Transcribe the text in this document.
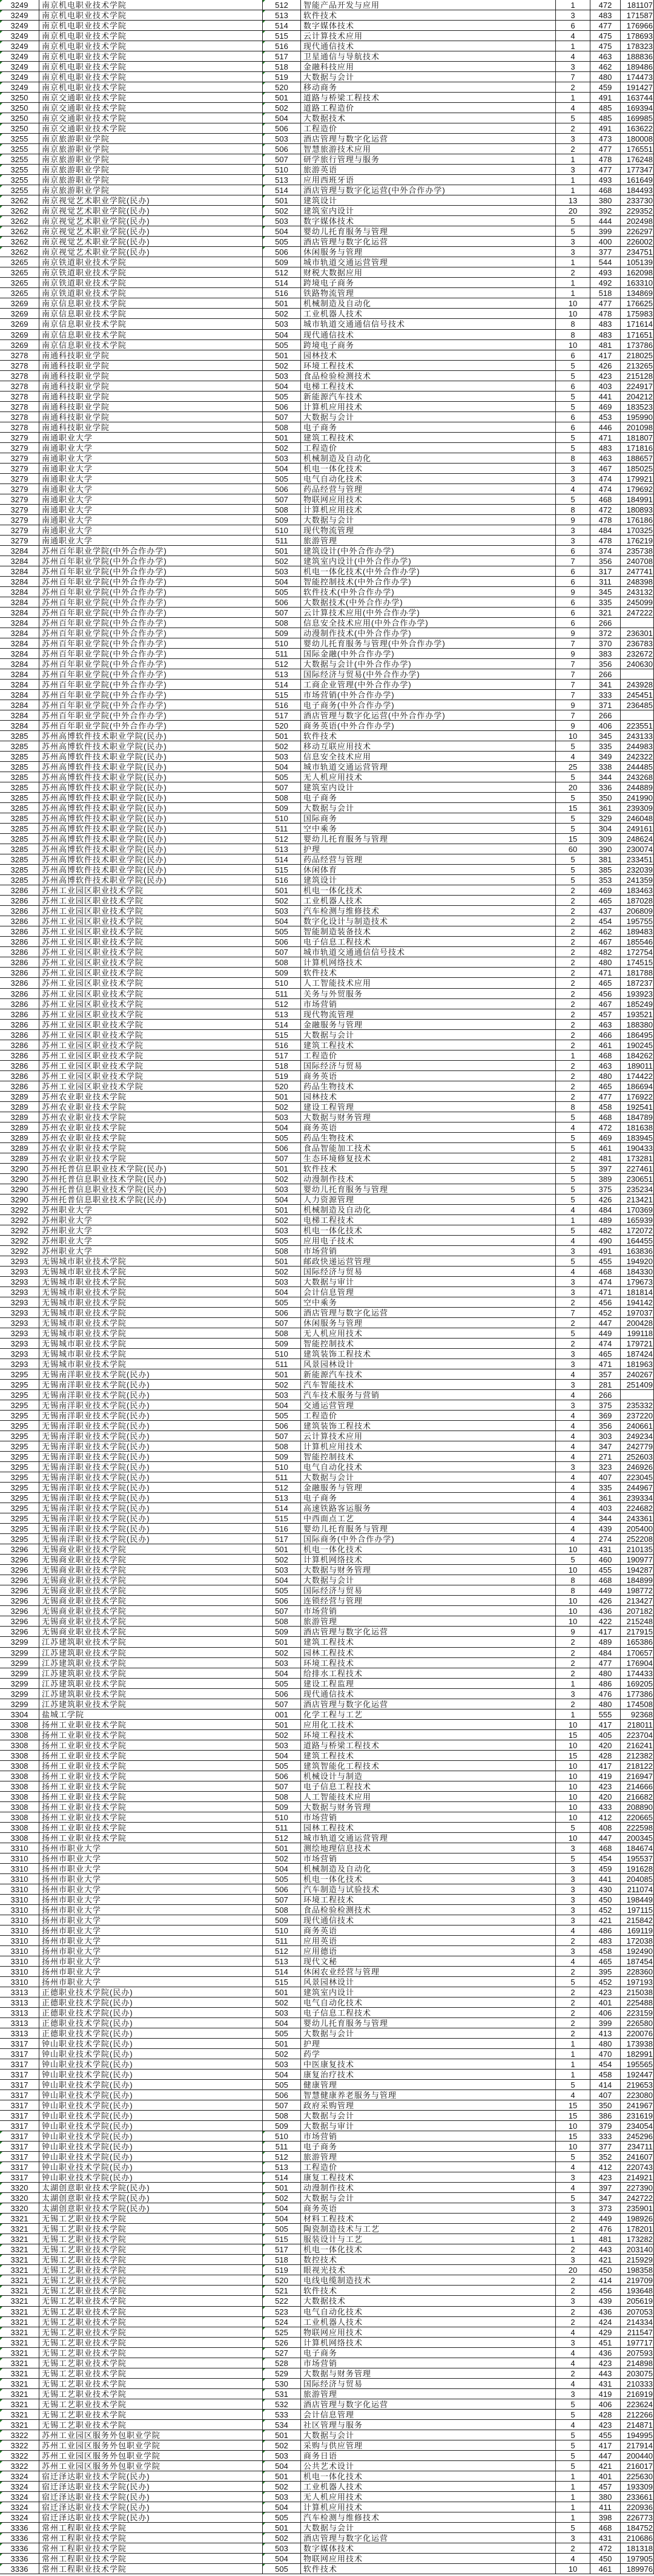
3249	南京机电职业技术学院	512	智能产品开发与应用	1	472	181107
3249	南京机电职业技术学院	513	软件技术	3	483	171587
3249	南京机电职业技术学院	514	数字媒体技术	6	477	176966
3249	南京机电职业技术学院	515	云计算技术应用	4	475	178693
3249	南京机电职业技术学院	516	现代通信技术	1	475	178323
3249	南京机电职业技术学院	517	卫星通信与导航技术	4	463	188836
3249	南京机电职业技术学院	518	金融科技应用	3	462	189486
3249	南京机电职业技术学院	519	大数据与会计	7	480	174473
3249	南京机电职业技术学院	520	移动商务	2	459	191427
3250	南京交通职业技术学院	501	道路与桥梁工程技术	1	491	163744
3250	南京交通职业技术学院	502	道路工程造价	4	485	169394
3250	南京交通职业技术学院	504	大数据技术	5	485	169985
3250	南京交通职业技术学院	506	工程造价	2	491	163622
3255	南京旅游职业学院	503	酒店管理与数字化运营	3	473	180008
3255	南京旅游职业学院	506	智慧旅游技术应用	2	477	176551
3255	南京旅游职业学院	507	研学旅行管理与服务	1	478	176248
3255	南京旅游职业学院	510	旅游英语	3	477	177347
3255	南京旅游职业学院	513	应用西班牙语	1	493	161649
3255	南京旅游职业学院	514	酒店管理与数字化运营(中外合作办学)	1	468	184493
3262	南京视觉艺术职业学院(民办)	501	建筑设计	13	380	233730
3262	南京视觉艺术职业学院(民办)	502	建筑室内设计	20	392	229352
3262	南京视觉艺术职业学院(民办)	503	数字媒体技术	5	444	202498
3262	南京视觉艺术职业学院(民办)	504	婴幼儿托育服务与管理	5	399	226297
3262	南京视觉艺术职业学院(民办)	505	酒店管理与数字化运营	3	400	226002
3262	南京视觉艺术职业学院(民办)	506	休闲服务与管理	3	377	234751
3265	南京铁道职业技术学院	509	城市轨道交通运营管理	1	544	105139
3265	南京铁道职业技术学院	512	财税大数据应用	2	493	162098
3265	南京铁道职业技术学院	514	跨境电子商务	1	492	163310
3265	南京铁道职业技术学院	516	铁路物流管理	1	518	134869
3269	南京信息职业技术学院	501	机械制造及自动化	10	477	176625
3269	南京信息职业技术学院	502	工业机器人技术	10	478	175983
3269	南京信息职业技术学院	503	城市轨道交通通信信号技术	8	483	171614
3269	南京信息职业技术学院	504	现代通信技术	8	483	171651
3269	南京信息职业技术学院	505	跨境电子商务	10	481	173786
3278	南通科技职业学院	501	园林技术	6	417	218025
3278	南通科技职业学院	502	环境工程技术	5	426	213265
3278	南通科技职业学院	503	食品检验检测技术	5	423	215128
3278	南通科技职业学院	504	电梯工程技术	6	403	224917
3278	南通科技职业学院	505	新能源汽车技术	5	441	204212
3278	南通科技职业学院	506	计算机应用技术	5	469	183523
3278	南通科技职业学院	507	大数据与会计	6	453	195990
3278	南通科技职业学院	508	电子商务	6	446	201098
3279	南通职业大学	501	建筑工程技术	5	471	181807
3279	南通职业大学	502	工程造价	5	483	171816
3279	南通职业大学	503	机械制造及自动化	8	463	188657
3279	南通职业大学	504	机电一体化技术	3	467	185025
3279	南通职业大学	505	电气自动化技术	3	474	179921
3279	南通职业大学	506	药品经营与管理	4	474	179692
3279	南通职业大学	507	物联网应用技术	5	468	184991
3279	南通职业大学	508	计算机应用技术	8	472	180893
3279	南通职业大学	509	大数据与会计	9	478	176186
3279	南通职业大学	510	现代物流管理	3	484	170325
3279	南通职业大学	511	旅游管理	3	478	176219
3284	苏州百年职业学院(中外合作办学)	501	建筑设计(中外合作办学)	6	374	235738
3284	苏州百年职业学院(中外合作办学)	502	建筑室内设计(中外合作办学)	7	356	240708
3284	苏州百年职业学院(中外合作办学)	503	机电一体化技术(中外合作办学)	6	317	247741
3284	苏州百年职业学院(中外合作办学)	504	智能控制技术(中外合作办学)	6	311	248398
3284	苏州百年职业学院(中外合作办学)	505	软件技术(中外合作办学)	9	345	243132
3284	苏州百年职业学院(中外合作办学)	506	大数据技术(中外合作办学)	6	335	245099
3284	苏州百年职业学院(中外合作办学)	507	云计算技术应用(中外合作办学)	6	321	247222
3284	苏州百年职业学院(中外合作办学)	508	信息安全技术应用(中外合作办学)	6	266
3284	苏州百年职业学院(中外合作办学)	509	动漫制作技术(中外合作办学)	9	372	236301
3284	苏州百年职业学院(中外合作办学)	510	婴幼儿托育服务与管理(中外合作办学)	7	370	236783
3284	苏州百年职业学院(中外合作办学)	511	国际金融(中外合作办学)	9	383	232672
3284	苏州百年职业学院(中外合作办学)	512	大数据与会计(中外合作办学)	7	356	240630
3284	苏州百年职业学院(中外合作办学)	513	国际经济与贸易(中外合作办学)	7	266
3284	苏州百年职业学院(中外合作办学)	514	工商企业管理(中外合作办学)	7	341	243928
3284	苏州百年职业学院(中外合作办学)	515	市场营销(中外合作办学)	7	333	245451
3284	苏州百年职业学院(中外合作办学)	516	电子商务(中外合作办学)	9	371	236485
3284	苏州百年职业学院(中外合作办学)	517	酒店管理与数字化运营(中外合作办学)	7	266
3284	苏州百年职业学院(中外合作办学)	520	商务英语(中外合作办学)	9	406	223551
3285	苏州高博软件技术职业学院(民办)	501	软件技术	10	345	243133
3285	苏州高博软件技术职业学院(民办)	502	移动互联应用技术	5	335	244983
3285	苏州高博软件技术职业学院(民办)	503	信息安全技术应用	4	349	242322
3285	苏州高博软件技术职业学院(民办)	504	城市轨道交通运营管理	25	338	244485
3285	苏州高博软件技术职业学院(民办)	505	无人机应用技术	5	344	243268
3285	苏州高博软件技术职业学院(民办)	507	建筑室内设计	20	336	244889
3285	苏州高博软件技术职业学院(民办)	508	电子商务	5	350	241990
3285	苏州高博软件技术职业学院(民办)	509	大数据与会计	15	361	239309
3285	苏州高博软件技术职业学院(民办)	510	国际商务	5	329	246048
3285	苏州高博软件技术职业学院(民办)	511	空中乘务	5	304	249161
3285	苏州高博软件技术职业学院(民办)	512	婴幼儿托育服务与管理	15	309	248624
3285	苏州高博软件技术职业学院(民办)	513	护理	60	390	230074
3285	苏州高博软件技术职业学院(民办)	514	药品经营与管理	5	381	233451
3285	苏州高博软件技术职业学院(民办)	515	休闲体育	5	385	232039
3285	苏州高博软件技术职业学院(民办)	516	建筑设计	5	353	241359
3286	苏州工业园区职业技术学院	501	机电一体化技术	2	469	183463
3286	苏州工业园区职业技术学院	502	工业机器人技术	2	465	187028
3286	苏州工业园区职业技术学院	503	汽车检测与维修技术	2	437	206809
3286	苏州工业园区职业技术学院	504	数字化设计与制造技术	2	454	195755
3286	苏州工业园区职业技术学院	505	智能制造装备技术	2	462	189483
3286	苏州工业园区职业技术学院	506	电子信息工程技术	2	467	185546
3286	苏州工业园区职业技术学院	507	城市轨道交通通信信号技术	2	482	172754
3286	苏州工业园区职业技术学院	508	计算机网络技术	2	480	174515
3286	苏州工业园区职业技术学院	509	软件技术	2	471	181788
3286	苏州工业园区职业技术学院	510	人工智能技术应用	2	465	187237
3286	苏州工业园区职业技术学院	511	关务与外贸服务	2	456	193923
3286	苏州工业园区职业技术学院	512	市场营销	2	467	185249
3286	苏州工业园区职业技术学院	513	现代物流管理	2	457	193521
3286	苏州工业园区职业技术学院	514	金融服务与管理	2	463	188380
3286	苏州工业园区职业技术学院	515	大数据与会计	2	466	186495
3286	苏州工业园区职业技术学院	516	建筑工程技术	2	461	190245
3286	苏州工业园区职业技术学院	517	工程造价	1	468	184262
3286	苏州工业园区职业技术学院	518	国际经济与贸易	2	463	189011
3286	苏州工业园区职业技术学院	519	商务英语	2	480	174422
3286	苏州工业园区职业技术学院	520	药品生物技术	2	465	186694
3289	苏州农业职业技术学院	501	园林技术	2	477	176922
3289	苏州农业职业技术学院	502	建设工程管理	8	458	192541
3289	苏州农业职业技术学院	503	大数据与财务管理	5	468	184789
3289	苏州农业职业技术学院	504	商务英语	4	472	181638
3289	苏州农业职业技术学院	505	药品生物技术	5	469	183945
3289	苏州农业职业技术学院	506	食品智能加工技术	5	461	190433
3289	苏州农业职业技术学院	507	生态环境修复技术	2	481	173281
3290	苏州托普信息职业技术学院(民办)	501	软件技术	5	397	227461
3290	苏州托普信息职业技术学院(民办)	502	动漫制作技术	5	389	230651
3290	苏州托普信息职业技术学院(民办)	503	婴幼儿托育服务与管理	5	375	235234
3290	苏州托普信息职业技术学院(民办)	504	人力资源管理	5	426	213421
3292	苏州职业大学	501	机械制造及自动化	4	484	170369
3292	苏州职业大学	502	电梯工程技术	1	489	165939
3292	苏州职业大学	503	机电一体化技术	5	482	172072
3292	苏州职业大学	505	应用电子技术	4	490	164455
3292	苏州职业大学	508	市场营销	3	491	163836
3293	无锡城市职业技术学院	501	邮政快递运营管理	5	455	194920
3293	无锡城市职业技术学院	502	国际经济与贸易	4	468	184330
3293	无锡城市职业技术学院	503	大数据与审计	3	474	179673
3293	无锡城市职业技术学院	504	会计信息管理	3	471	181814
3293	无锡城市职业技术学院	505	空中乘务	2	456	194142
3293	无锡城市职业技术学院	506	酒店管理与数字化运营	7	452	197037
3293	无锡城市职业技术学院	507	休闲服务与管理	2	447	200428
3293	无锡城市职业技术学院	508	无人机应用技术	5	449	199118
3293	无锡城市职业技术学院	509	智能控制技术	2	474	179721
3293	无锡城市职业技术学院	510	建筑装饰工程技术	3	465	187424
3293	无锡城市职业技术学院	511	风景园林设计	3	471	181963
3295	无锡南洋职业技术学院(民办)	501	新能源汽车技术	4	357	240267
3295	无锡南洋职业技术学院(民办)	502	汽车智能技术	3	281	251409
3295	无锡南洋职业技术学院(民办)	503	汽车技术服务与营销	4	266
3295	无锡南洋职业技术学院(民办)	504	交通运营管理	3	375	235332
3295	无锡南洋职业技术学院(民办)	505	工程造价	4	369	237220
3295	无锡南洋职业技术学院(民办)	506	建筑装饰工程技术	4	356	240661
3295	无锡南洋职业技术学院(民办)	507	云计算技术应用	4	303	249234
3295	无锡南洋职业技术学院(民办)	508	计算机应用技术	4	347	242779
3295	无锡南洋职业技术学院(民办)	509	智能控制技术	4	271	252603
3295	无锡南洋职业技术学院(民办)	510	电气自动化技术	3	323	246926
3295	无锡南洋职业技术学院(民办)	511	大数据与会计	4	407	223045
3295	无锡南洋职业技术学院(民办)	512	金融服务与管理	4	335	244967
3295	无锡南洋职业技术学院(民办)	513	电子商务	4	361	239334
3295	无锡南洋职业技术学院(民办)	514	高速铁路客运服务	4	403	224682
3295	无锡南洋职业技术学院(民办)	515	中西面点工艺	4	344	243361
3295	无锡南洋职业技术学院(民办)	516	婴幼儿托育服务与管理	4	439	205400
3295	无锡南洋职业技术学院(民办)	517	国际商务(中外合作办学)	4	274	252208
3296	无锡商业职业技术学院	501	机电一体化技术	10	431	210135
3296	无锡商业职业技术学院	502	计算机网络技术	5	460	190977
3296	无锡商业职业技术学院	503	大数据与财务管理	10	455	194287
3296	无锡商业职业技术学院	504	大数据与会计	8	468	184899
3296	无锡商业职业技术学院	505	国际经济与贸易	8	449	198772
3296	无锡商业职业技术学院	506	连锁经营与管理	10	426	213427
3296	无锡商业职业技术学院	507	市场营销	10	436	207182
3296	无锡商业职业技术学院	508	旅游管理	10	422	215248
3296	无锡商业职业技术学院	509	酒店管理与数字化运营	9	417	217915
3299	江苏建筑职业技术学院	501	建筑工程技术	2	489	165386
3299	江苏建筑职业技术学院	502	园林工程技术	2	484	170657
3299	江苏建筑职业技术学院	503	环境工程技术	2	477	176904
3299	江苏建筑职业技术学院	504	给排水工程技术	2	480	174433
3299	江苏建筑职业技术学院	505	建设工程监理	1	486	169205
3299	江苏建筑职业技术学院	506	现代通信技术	3	476	177386
3299	江苏建筑职业技术学院	507	酒店管理与数字化运营	2	480	174508
3304	盐城工学院	001	化学工程与工艺	1	555	92368
3308	扬州工业职业技术学院	501	应用化工技术	10	417	218011
3308	扬州工业职业技术学院	502	环境工程技术	15	405	223704
3308	扬州工业职业技术学院	503	道路与桥梁工程技术	10	420	216241
3308	扬州工业职业技术学院	504	建筑工程技术	15	428	212382
3308	扬州工业职业技术学院	505	建筑智能化工程技术	10	417	218122
3308	扬州工业职业技术学院	506	机械设计与制造	10	419	216947
3308	扬州工业职业技术学院	507	电子信息工程技术	10	423	214666
3308	扬州工业职业技术学院	508	人工智能技术应用	10	420	216682
3308	扬州工业职业技术学院	509	大数据与财务管理	10	433	208890
3308	扬州工业职业技术学院	510	市场营销	10	412	220665
3308	扬州工业职业技术学院	511	园林工程技术	5	408	222598
3308	扬州工业职业技术学院	512	城市轨道交通运营管理	10	447	200345
3310	扬州市职业大学	501	测绘地理信息技术	3	468	184674
3310	扬州市职业大学	502	市场营销	5	454	195537
3310	扬州市职业大学	504	机械制造及自动化	3	459	191628
3310	扬州市职业大学	505	机电一体化技术	3	441	204085
3310	扬州市职业大学	506	汽车制造与试验技术	3	430	211074
3310	扬州市职业大学	507	环境工程技术	3	450	198449
3310	扬州市职业大学	508	食品检验检测技术	3	452	197115
3310	扬州市职业大学	509	现代通信技术	3	421	215842
3310	扬州市职业大学	510	商务英语	4	486	169119
3310	扬州市职业大学	511	应用英语	2	483	172038
3310	扬州市职业大学	512	应用德语	3	458	192490
3310	扬州市职业大学	513	现代文秘	4	465	187454
3310	扬州市职业大学	514	休闲农业经营与管理	2	395	228360
3310	扬州市职业大学	515	风景园林设计	5	452	197193
3313	正德职业技术学院(民办)	501	建筑室内设计	2	423	215038
3313	正德职业技术学院(民办)	502	电气自动化技术	2	401	225488
3313	正德职业技术学院(民办)	503	电子信息工程技术	2	406	223159
3313	正德职业技术学院(民办)	504	婴幼儿托育服务与管理	2	399	226580
3313	正德职业技术学院(民办)	505	大数据与会计	2	413	220076
3317	钟山职业技术学院(民办)	501	护理	1	480	173938
3317	钟山职业技术学院(民办)	502	药学	1	470	182991
3317	钟山职业技术学院(民办)	503	中医康复技术	1	454	195565
3317	钟山职业技术学院(民办)	504	康复治疗技术	1	458	192447
3317	钟山职业技术学院(民办)	505	健康管理	5	414	219653
3317	钟山职业技术学院(民办)	506	智慧健康养老服务与管理	4	407	223080
3317	钟山职业技术学院(民办)	507	政府采购管理	15	350	241967
3317	钟山职业技术学院(民办)	508	大数据与会计	15	386	231619
3317	钟山职业技术学院(民办)	509	大数据与审计	10	379	234054
3317	钟山职业技术学院(民办)	510	市场营销	15	333	245296
3317	钟山职业技术学院(民办)	511	电子商务	10	377	234711
3317	钟山职业技术学院(民办)	512	旅游管理	5	352	241607
3317	钟山职业技术学院(民办)	513	工程造价	4	412	220743
3317	钟山职业技术学院(民办)	514	康复工程技术	3	423	214921
3320	太湖创意职业技术学院(民办)	501	动漫制作技术	4	397	227390
3320	太湖创意职业技术学院(民办)	502	大数据与会计	5	347	242722
3320	太湖创意职业技术学院(民办)	504	商务英语	3	373	235901
3321	无锡工艺职业技术学院	504	材料工程技术	2	449	198926
3321	无锡工艺职业技术学院	505	陶瓷制造技术与工艺	2	476	178201
3321	无锡工艺职业技术学院	515	服装设计与工艺	1	481	173282
3321	无锡工艺职业技术学院	517	机电一体化技术	2	443	203140
3321	无锡工艺职业技术学院	518	数控技术	3	421	215929
3321	无锡工艺职业技术学院	519	眼视光技术	20	450	198358
3321	无锡工艺职业技术学院	520	电线电缆制造技术	2	414	219709
3321	无锡工艺职业技术学院	521	软件技术	2	456	193648
3321	无锡工艺职业技术学院	522	大数据技术	3	439	205619
3321	无锡工艺职业技术学院	523	电气自动化技术	2	436	207053
3321	无锡工艺职业技术学院	524	工业机器人技术	2	424	214334
3321	无锡工艺职业技术学院	525	物联网应用技术	4	429	211547
3321	无锡工艺职业技术学院	526	计算机网络技术	3	451	197717
3321	无锡工艺职业技术学院	527	电子商务	4	436	207593
3321	无锡工艺职业技术学院	528	市场营销	4	423	214898
3321	无锡工艺职业技术学院	529	大数据与财务管理	2	443	203075
3321	无锡工艺职业技术学院	530	国际经济与贸易	4	431	210333
3321	无锡工艺职业技术学院	531	旅游管理	3	419	216919
3321	无锡工艺职业技术学院	532	酒店管理与数字化运营	5	406	223624
3321	无锡工艺职业技术学院	533	会计信息管理	5	428	212266
3321	无锡工艺职业技术学院	534	社区管理与服务	4	423	214871
3322	苏州工业园区服务外包职业学院	501	大数据与会计	5	455	194995
3322	苏州工业园区服务外包职业学院	502	采购与供应管理	5	417	217914
3322	苏州工业园区服务外包职业学院	503	商务日语	5	447	200440
3322	苏州工业园区服务外包职业学院	504	公共艺术设计	5	421	216017
3324	宿迁泽达职业技术学院(民办)	501	机电一体化技术	1	401	225630
3324	宿迁泽达职业技术学院(民办)	502	工业机器人技术	1	457	193309
3324	宿迁泽达职业技术学院(民办)	503	无人机应用技术	1	380	233661
3324	宿迁泽达职业技术学院(民办)	504	计算机应用技术	1	411	220936
3324	宿迁泽达职业技术学院(民办)	505	汽车检测与维修技术	1	398	226773
3336	常州工程职业技术学院	501	大数据与会计	5	468	184752
3336	常州工程职业技术学院	502	酒店管理与数字化运营	3	431	210686
3336	常州工程职业技术学院	503	数字媒体技术	2	472	181318
3336	常州工程职业技术学院	504	物联网应用技术	4	450	197905
3336	常州工程职业技术学院	505	软件技术	10	461	189976
